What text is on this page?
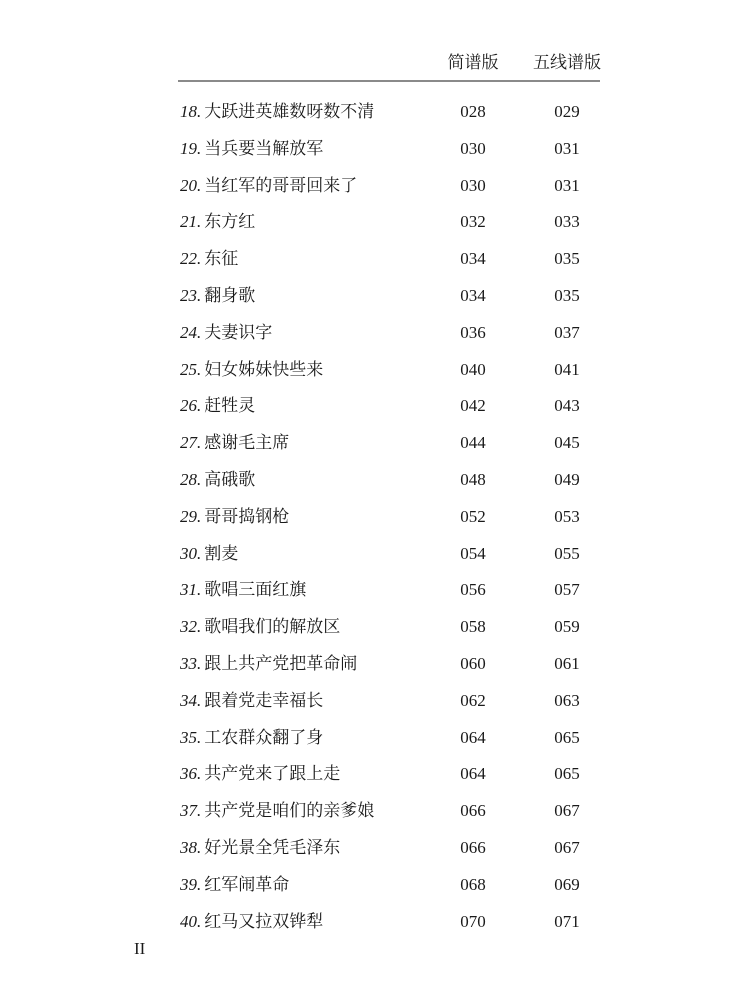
简谱版	五线谱版
18. 大跃进英雄数呀数不清	028	029
19. 当兵要当解放军	030	031
20. 当红军的哥哥回来了	030	031
21. 东方红	032	033
22. 东征	034	035
23. 翻身歌	034	035
24. 夫妻识字	036	037
25. 妇女姊妹快些来	040	041
26. 赶牲灵	042	043
27. 感谢毛主席	044	045
28. 高硪歌	048	049
29. 哥哥捣钢枪	052	053
30. 割麦	054	055
31. 歌唱三面红旗	056	057
32. 歌唱我们的解放区	058	059
33. 跟上共产党把革命闹	060	061
34. 跟着党走幸福长	062	063
35. 工农群众翻了身	064	065
36. 共产党来了跟上走	064	065
37. 共产党是咱们的亲爹娘	066	067
38. 好光景全凭毛泽东	066	067
39. 红军闹革命	068	069
40. 红马又拉双铧犁	070	071
II
